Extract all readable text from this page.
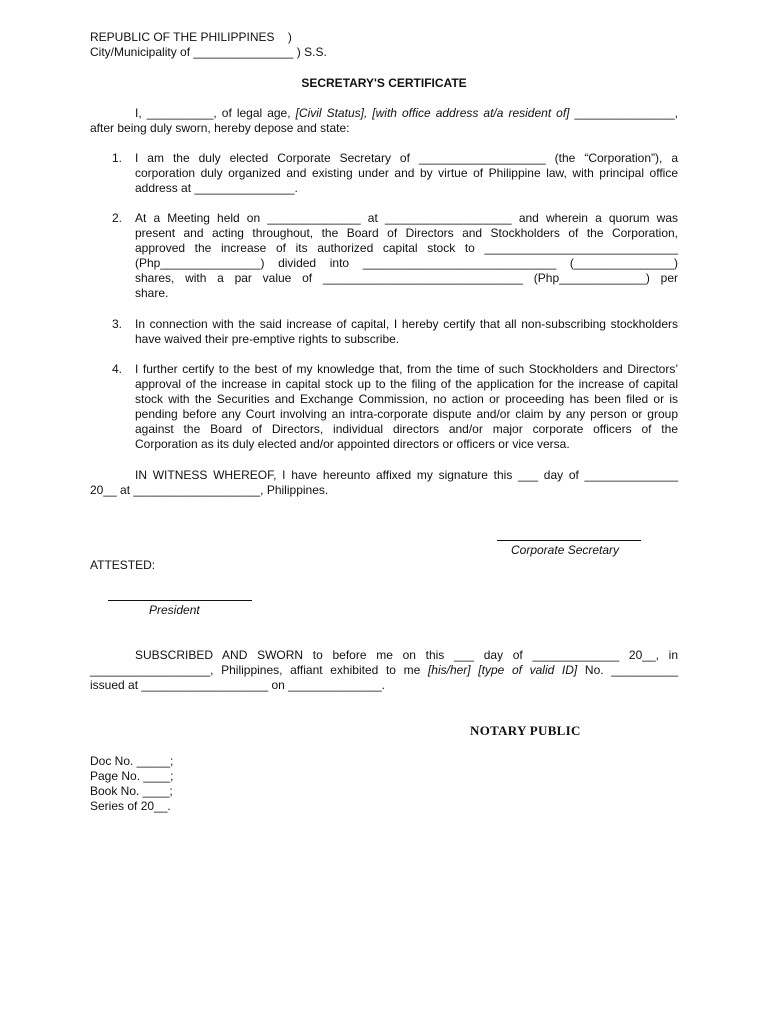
REPUBLIC OF THE PHILIPPINES    )
City/Municipality of _______________ ) S.S.
SECRETARY'S CERTIFICATE
I, __________, of legal age, [Civil Status], [with office address at/a resident of] _______________,
after being duly sworn, hereby depose and state:
1.	I am the duly elected Corporate Secretary of ___________________ (the “Corporation”), a
corporation duly organized and existing under and by virtue of Philippine law, with principal office
address at _______________.
2.	At a Meeting held on ______________ at ___________________ and wherein a quorum was
present and acting throughout, the Board of Directors and Stockholders of the Corporation,
approved the increase of its authorized capital stock to _____________________________
(Php_______________) divided into _____________________________ (_______________)
shares, with a par value of ______________________________ (Php_____________) per
share.
3.	In connection with the said increase of capital, I hereby certify that all non-subscribing stockholders
have waived their pre-emptive rights to subscribe.
4.	I further certify to the best of my knowledge that, from the time of such Stockholders and Directors’
approval of the increase in capital stock up to the filing of the application for the increase of capital
stock with the Securities and Exchange Commission, no action or proceeding has been filed or is
pending before any Court involving an intra-corporate dispute and/or claim by any person or group
against the Board of Directors, individual directors and/or major corporate officers of the
Corporation as its duly elected and/or appointed directors or officers or vice versa.
IN WITNESS WHEREOF, I have hereunto affixed my signature this ___ day of ______________
20__ at ___________________, Philippines.
Corporate Secretary
ATTESTED:
President
SUBSCRIBED AND SWORN to before me on this ___ day of _____________ 20__, in
__________________, Philippines, affiant exhibited to me [his/her] [type of valid ID] No. __________
issued at ___________________ on ______________.
NOTARY PUBLIC
Doc No. _____;
Page No. ____;
Book No. ____;
Series of 20__.
